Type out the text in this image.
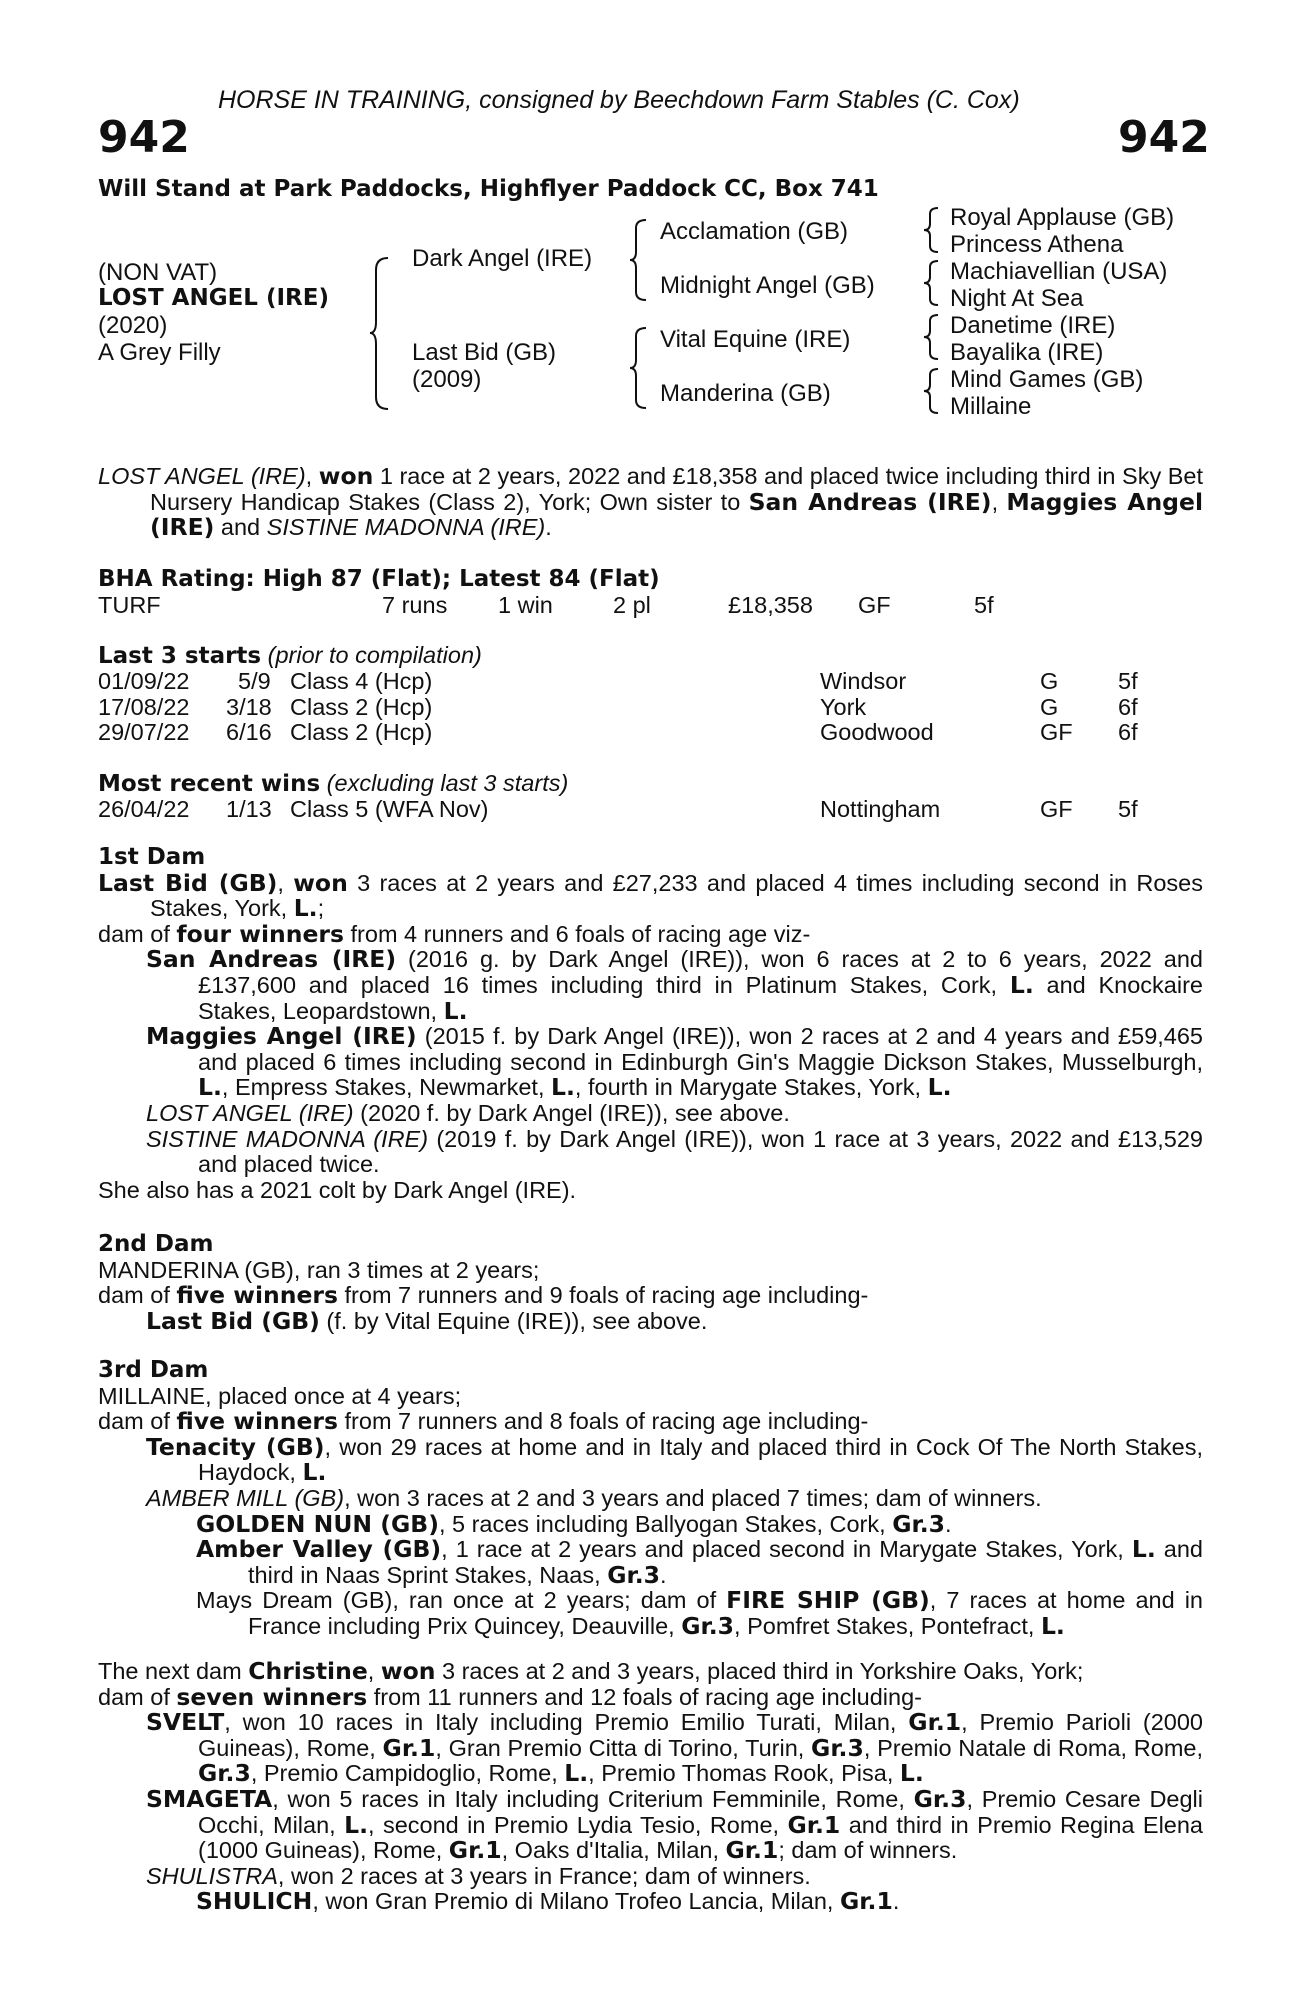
HORSE IN TRAINING, consigned by Beechdown Farm Stables (C. Cox)
942	942
Will Stand at Park Paddocks, Highflyer Paddock CC, Box 741
(NON VAT)
LOST ANGEL (IRE)
(2020)
A Grey Filly
Dark Angel (IRE)
Last Bid (GB)
(2009)
Acclamation (GB)
Midnight Angel (GB)
Vital Equine (IRE)
Manderina (GB)
Royal Applause (GB)
Princess Athena
Machiavellian (USA)
Night At Sea
Danetime (IRE)
Bayalika (IRE)
Mind Games (GB)
Millaine

LOST ANGEL (IRE), won 1 race at 2 years, 2022 and £18,358 and placed twice including third in Sky Bet Nursery Handicap Stakes (Class 2), York; Own sister to San Andreas (IRE), Maggies Angel (IRE) and SISTINE MADONNA (IRE).

BHA Rating: High 87 (Flat); Latest 84 (Flat)
TURF	7 runs 1 win	2 pl	£18,358 GF	5f
Last 3 starts (prior to compilation)
01/09/22 5/9 Class 4 (Hcp)	Windsor	G	5f
17/08/22 3/18 Class 2 (Hcp)	York	G	6f
29/07/22 6/16 Class 2 (Hcp)	Goodwood	GF 6f
Most recent wins (excluding last 3 starts)
26/04/22 1/13 Class 5 (WFA Nov)	Nottingham	GF 5f

1st Dam

Last Bid (GB), won 3 races at 2 years and £27,233 and placed 4 times including second in Roses Stakes, York, L.;

dam of four winners from 4 runners and 6 foals of racing age viz-

San Andreas (IRE) (2016 g. by Dark Angel (IRE)), won 6 races at 2 to 6 years, 2022 and £137,600 and placed 16 times including third in Platinum Stakes, Cork, L. and Knockaire Stakes, Leopardstown, L.

Maggies Angel (IRE) (2015 f. by Dark Angel (IRE)), won 2 races at 2 and 4 years and £59,465 and placed 6 times including second in Edinburgh Gin's Maggie Dickson Stakes, Musselburgh, L., Empress Stakes, Newmarket, L., fourth in Marygate Stakes, York, L.

LOST ANGEL (IRE) (2020 f. by Dark Angel (IRE)), see above.

SISTINE MADONNA (IRE) (2019 f. by Dark Angel (IRE)), won 1 race at 3 years, 2022 and £13,529 and placed twice.

She also has a 2021 colt by Dark Angel (IRE).

2nd Dam

MANDERINA (GB), ran 3 times at 2 years;

dam of five winners from 7 runners and 9 foals of racing age including-

Last Bid (GB) (f. by Vital Equine (IRE)), see above.

3rd Dam

MILLAINE, placed once at 4 years;

dam of five winners from 7 runners and 8 foals of racing age including-

Tenacity (GB), won 29 races at home and in Italy and placed third in Cock Of The North Stakes, Haydock, L.

AMBER MILL (GB), won 3 races at 2 and 3 years and placed 7 times; dam of winners.

GOLDEN NUN (GB), 5 races including Ballyogan Stakes, Cork, Gr.3.

Amber Valley (GB), 1 race at 2 years and placed second in Marygate Stakes, York, L. and third in Naas Sprint Stakes, Naas, Gr.3.

Mays Dream (GB), ran once at 2 years; dam of FIRE SHIP (GB), 7 races at home and in France including Prix Quincey, Deauville, Gr.3, Pomfret Stakes, Pontefract, L.

The next dam Christine, won 3 races at 2 and 3 years, placed third in Yorkshire Oaks, York;

dam of seven winners from 11 runners and 12 foals of racing age including-

SVELT, won 10 races in Italy including Premio Emilio Turati, Milan, Gr.1, Premio Parioli (2000 Guineas), Rome, Gr.1, Gran Premio Citta di Torino, Turin, Gr.3, Premio Natale di Roma, Rome, Gr.3, Premio Campidoglio, Rome, L., Premio Thomas Rook, Pisa, L.

SMAGETA, won 5 races in Italy including Criterium Femminile, Rome, Gr.3, Premio Cesare Degli Occhi, Milan, L., second in Premio Lydia Tesio, Rome, Gr.1 and third in Premio Regina Elena (1000 Guineas), Rome, Gr.1, Oaks d'Italia, Milan, Gr.1; dam of winners.

SHULISTRA, won 2 races at 3 years in France; dam of winners.

SHULICH, won Gran Premio di Milano Trofeo Lancia, Milan, Gr.1.
